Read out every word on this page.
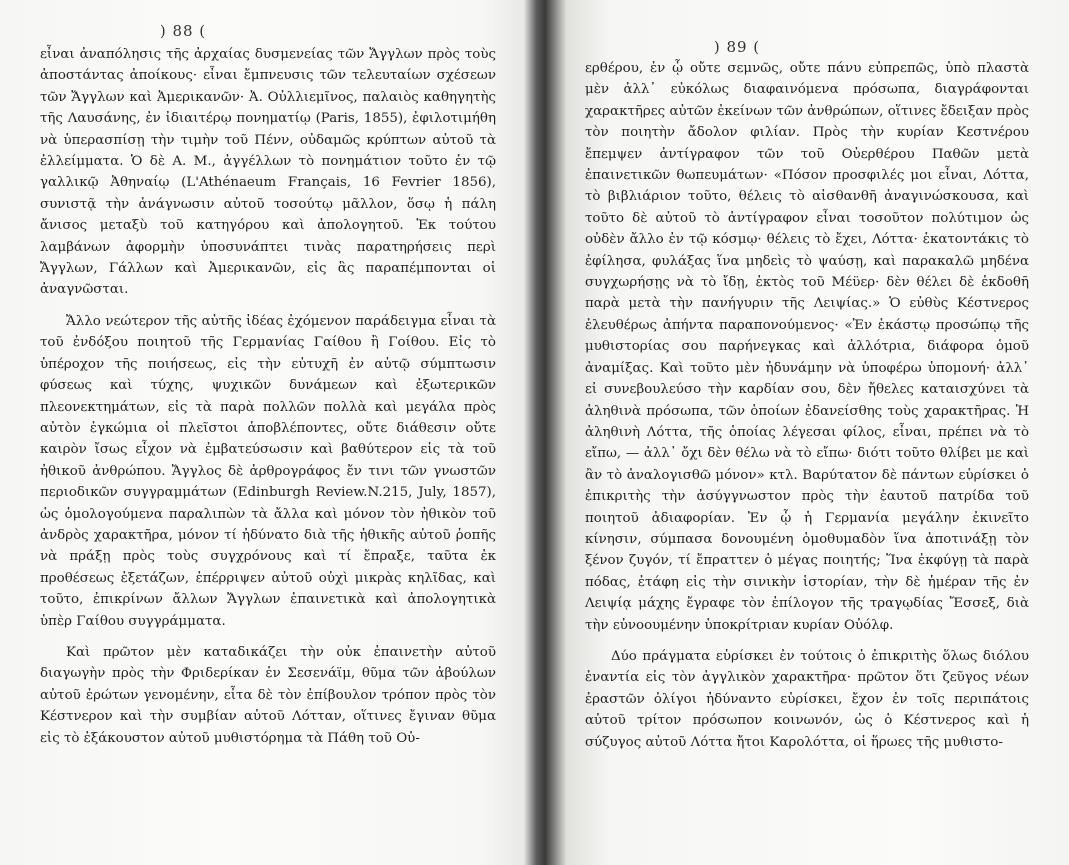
) 88 (

εἶναι ἀναπόλησις τῆς ἀρχαίας δυσμενείας τῶν Ἄγγλων πρὸς τοὺς ἀποστάντας ἀποίκους· εἶναι ἔμπνευσις τῶν τελευταίων σχέσεων τῶν Ἄγγλων καὶ Ἀμερικανῶν· Ἀ. Οὐλλιεμῖνος, παλαιὸς καθηγητὴς τῆς Λαυσάνης, ἐν ἰδιαιτέρῳ πονηματίῳ (Paris, 1855), ἐφιλοτιμήθη νὰ ὑπερασπίσῃ τὴν τιμὴν τοῦ Πένν, οὐδαμῶς κρύπτων αὐτοῦ τὰ ἐλλείμματα. Ὁ δὲ Α. Μ., ἀγγέλλων τὸ πονημάτιον τοῦτο ἐν τῷ γαλλικῷ Ἀθηναίῳ (L'Athénaeum Français, 16 Fevrier 1856), συνιστᾷ τὴν ἀνάγνωσιν αὐτοῦ τοσούτῳ μᾶλλον, ὅσῳ ἡ πάλη ἄνισος μεταξὺ τοῦ κατηγόρου καὶ ἀπολογητοῦ. Ἐκ τούτου λαμβάνων ἀφορμὴν ὑποσυνάπτει τινὰς παρατηρήσεις περὶ Ἄγγλων, Γάλλων καὶ Ἀμερικανῶν, εἰς ἃς παραπέμπονται οἱ ἀναγνῶσται.

Ἄλλο νεώτερον τῆς αὐτῆς ἰδέας ἐχόμενον παράδειγμα εἶναι τὰ τοῦ ἐνδόξου ποιητοῦ τῆς Γερμανίας Γαίθου ἢ Γοίθου. Εἰς τὸ ὑπέροχον τῆς ποιήσεως, εἰς τὴν εὐτυχῆ ἐν αὐτῷ σύμπτωσιν φύσεως καὶ τύχης, ψυχικῶν δυνάμεων καὶ ἐξωτερικῶν πλεονεκτημάτων, εἰς τὰ παρὰ πολλῶν πολλὰ καὶ μεγάλα πρὸς αὐτὸν ἐγκώμια οἱ πλεῖστοι ἀποβλέποντες, οὔτε διάθεσιν οὔτε καιρὸν ἴσως εἶχον νὰ ἐμβατεύσωσιν καὶ βαθύτερον εἰς τὰ τοῦ ἠθικοῦ ἀνθρώπου. Ἄγγλος δὲ ἀρθρογράφος ἔν τινι τῶν γνωστῶν περιοδικῶν συγγραμμάτων (Edinburgh Review.N.215, July, 1857), ὡς ὁμολογούμενα παραλιπὼν τὰ ἄλλα καὶ μόνον τὸν ἠθικὸν τοῦ ἀνδρὸς χαρακτῆρα, μόνον τί ἠδύνατο διὰ τῆς ἠθικῆς αὐτοῦ ῥοπῆς νὰ πράξῃ πρὸς τοὺς συγχρόνους καὶ τί ἔπραξε, ταῦτα ἐκ προθέσεως ἐξετάζων, ἐπέρριψεν αὐτοῦ οὐχὶ μικρὰς κηλῖδας, καὶ τοῦτο, ἐπικρίνων ἄλλων Ἄγγλων ἐπαινετικὰ καὶ ἀπολογητικὰ ὑπὲρ Γαίθου συγγράμματα.

Καὶ πρῶτον μὲν καταδικάζει τὴν οὐκ ἐπαινετὴν αὐτοῦ διαγωγὴν πρὸς τὴν Φριδερίκαν ἐν Σεσενάϊμ, θῦμα τῶν ἀβούλων αὐτοῦ ἐρώτων γενομένην, εἶτα δὲ τὸν ἐπίβουλον τρόπον πρὸς τὸν Κέστνερον καὶ τὴν συμβίαν αὐτοῦ Λότταν, οἵτινες ἔγιναν θῦμα εἰς τὸ ἐξάκουστον αὐτοῦ μυθιστόρημα τὰ Πάθη τοῦ Οὐ-

) 89 (

ερθέρου, ἐν ᾧ οὔτε σεμνῶς, οὔτε πάνυ εὐπρεπῶς, ὑπὸ πλαστὰ μὲν ἀλλ᾽ εὐκόλως διαφαινόμενα πρόσωπα, διαγράφονται χαρακτῆρες αὐτῶν ἐκείνων τῶν ἀνθρώπων, οἵτινες ἔδειξαν πρὸς τὸν ποιητὴν ἄδολον φιλίαν. Πρὸς τὴν κυρίαν Κεστνέρου ἔπεμψεν ἀντίγραφον τῶν τοῦ Οὐερθέρου Παθῶν μετὰ ἐπαινετικῶν θωπευμάτων· «Πόσον προσφιλές μοι εἶναι, Λόττα, τὸ βιβλιάριον τοῦτο, θέλεις τὸ αἰσθανθῆ ἀναγινώσκουσα, καὶ τοῦτο δὲ αὐτοῦ τὸ ἀντίγραφον εἶναι τοσοῦτον πολύτιμον ὡς οὐδὲν ἄλλο ἐν τῷ κόσμῳ· θέλεις τὸ ἔχει, Λόττα· ἑκατοντάκις τὸ ἐφίλησα, φυλάξας ἵνα μηδεὶς τὸ ψαύσῃ, καὶ παρακαλῶ μηδένα συγχωρήσῃς νὰ τὸ ἴδῃ, ἐκτὸς τοῦ Μέϋερ· δὲν θέλει δὲ ἐκδοθῆ παρὰ μετὰ τὴν πανήγυριν τῆς Λειψίας.» Ὁ εὐθὺς Κέστνερος ἐλευθέρως ἀπήντα παραπονούμενος· «Ἐν ἑκάστῳ προσώπῳ τῆς μυθιστορίας σου παρήνεγκας καὶ ἀλλότρια, διάφορα ὁμοῦ ἀναμίξας. Καὶ τοῦτο μὲν ἠδυνάμην νὰ ὑποφέρω ὑπομονή· ἀλλ᾽ εἰ συνεβουλεύσο τὴν καρδίαν σου, δὲν ἤθελες καταισχύνει τὰ ἀληθινὰ πρόσωπα, τῶν ὁποίων ἐδανείσθης τοὺς χαρακτῆρας. Ἡ ἀληθινὴ Λόττα, τῆς ὁποίας λέγεσαι φίλος, εἶναι, πρέπει νὰ τὸ εἴπω, — ἀλλ᾽ ὄχι δὲν θέλω νὰ τὸ εἴπω· διότι τοῦτο θλίβει με καὶ ἂν τὸ ἀναλογισθῶ μόνον» κτλ. Βαρύτατον δὲ πάντων εὑρίσκει ὁ ἐπικριτὴς τὴν ἀσύγγνωστον πρὸς τὴν ἑαυτοῦ πατρίδα τοῦ ποιητοῦ ἀδιαφορίαν. Ἐν ᾧ ἡ Γερμανία μεγάλην ἐκινεῖτο κίνησιν, σύμπασα δονουμένη ὁμοθυμαδὸν ἵνα ἀποτινάξῃ τὸν ξένον ζυγόν, τί ἔπραττεν ὁ μέγας ποιητής; Ἵνα ἐκφύγῃ τὰ παρὰ πόδας, ἐτάφη εἰς τὴν σινικὴν ἱστορίαν, τὴν δὲ ἡμέραν τῆς ἐν Λειψίᾳ μάχης ἔγραφε τὸν ἐπίλογον τῆς τραγῳδίας Ἔσσεξ, διὰ τὴν εὐνοουμένην ὑποκρίτριαν κυρίαν Οὐόλφ.

Δύο πράγματα εὑρίσκει ἐν τούτοις ὁ ἐπικριτὴς ὅλως διόλου ἐναντία εἰς τὸν ἀγγλικὸν χαρακτῆρα· πρῶτον ὅτι ζεῦγος νέων ἐραστῶν ὀλίγοι ἠδύναντο εὑρίσκει, ἔχον ἐν τοῖς περιπάτοις αὐτοῦ τρίτον πρόσωπον κοινωνόν, ὡς ὁ Κέστνερος καὶ ἡ σύζυγος αὐτοῦ Λόττα ἤτοι Καρολόττα, οἱ ἥρωες τῆς μυθιστο-
